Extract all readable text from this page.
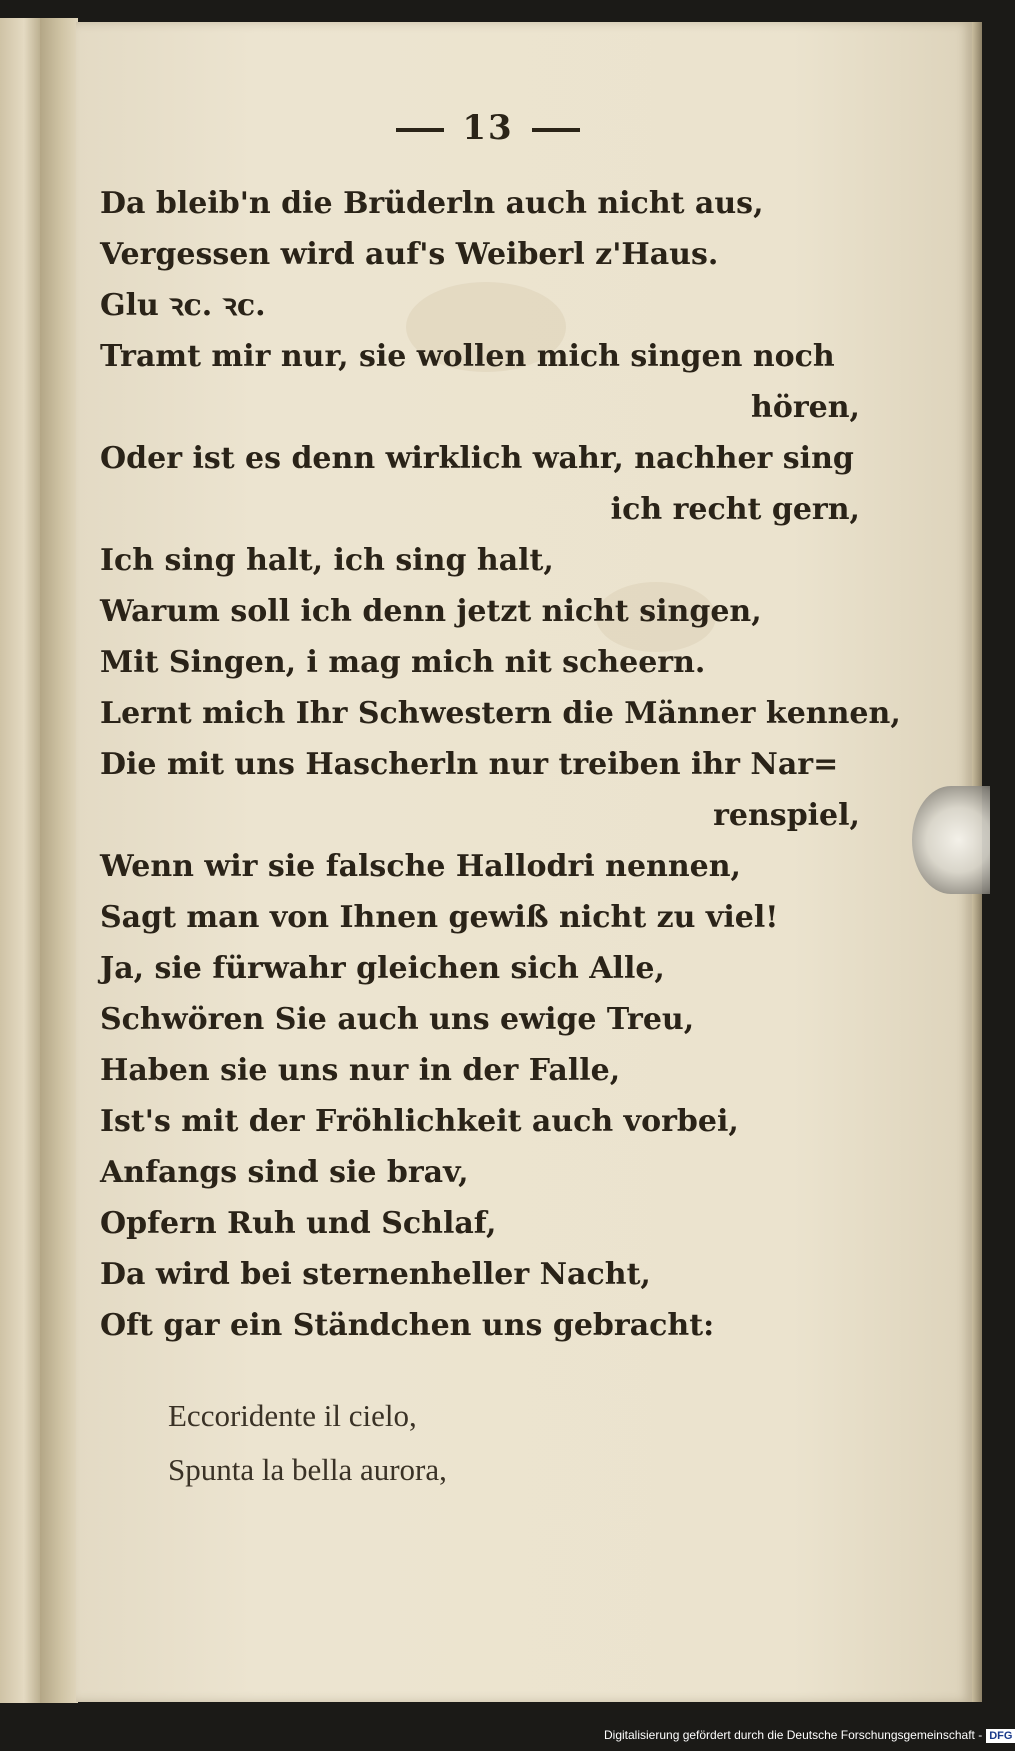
13
Da bleib'n die Brüderln auch nicht aus,
Vergessen wird auf's Weiberl z'Haus.
Glu ꝛc. ꝛc.
Tramt mir nur, sie wollen mich singen noch
hören,
Oder ist es denn wirklich wahr, nachher sing
ich recht gern,
Ich sing halt, ich sing halt,
Warum soll ich denn jetzt nicht singen,
Mit Singen, i mag mich nit scheern.
Lernt mich Ihr Schwestern die Männer kennen,
Die mit uns Hascherln nur treiben ihr Nar=
renspiel,
Wenn wir sie falsche Hallodri nennen,
Sagt man von Ihnen gewiß nicht zu viel!
Ja, sie fürwahr gleichen sich Alle,
Schwören Sie auch uns ewige Treu,
Haben sie uns nur in der Falle,
Ist's mit der Fröhlichkeit auch vorbei,
Anfangs sind sie brav,
Opfern Ruh und Schlaf,
Da wird bei sternenheller Nacht,
Oft gar ein Ständchen uns gebracht:
Eccoridente il cielo,
Spunta la bella aurora,
Digitalisierung gefördert durch die Deutsche Forschungsgemeinschaft - DFG
